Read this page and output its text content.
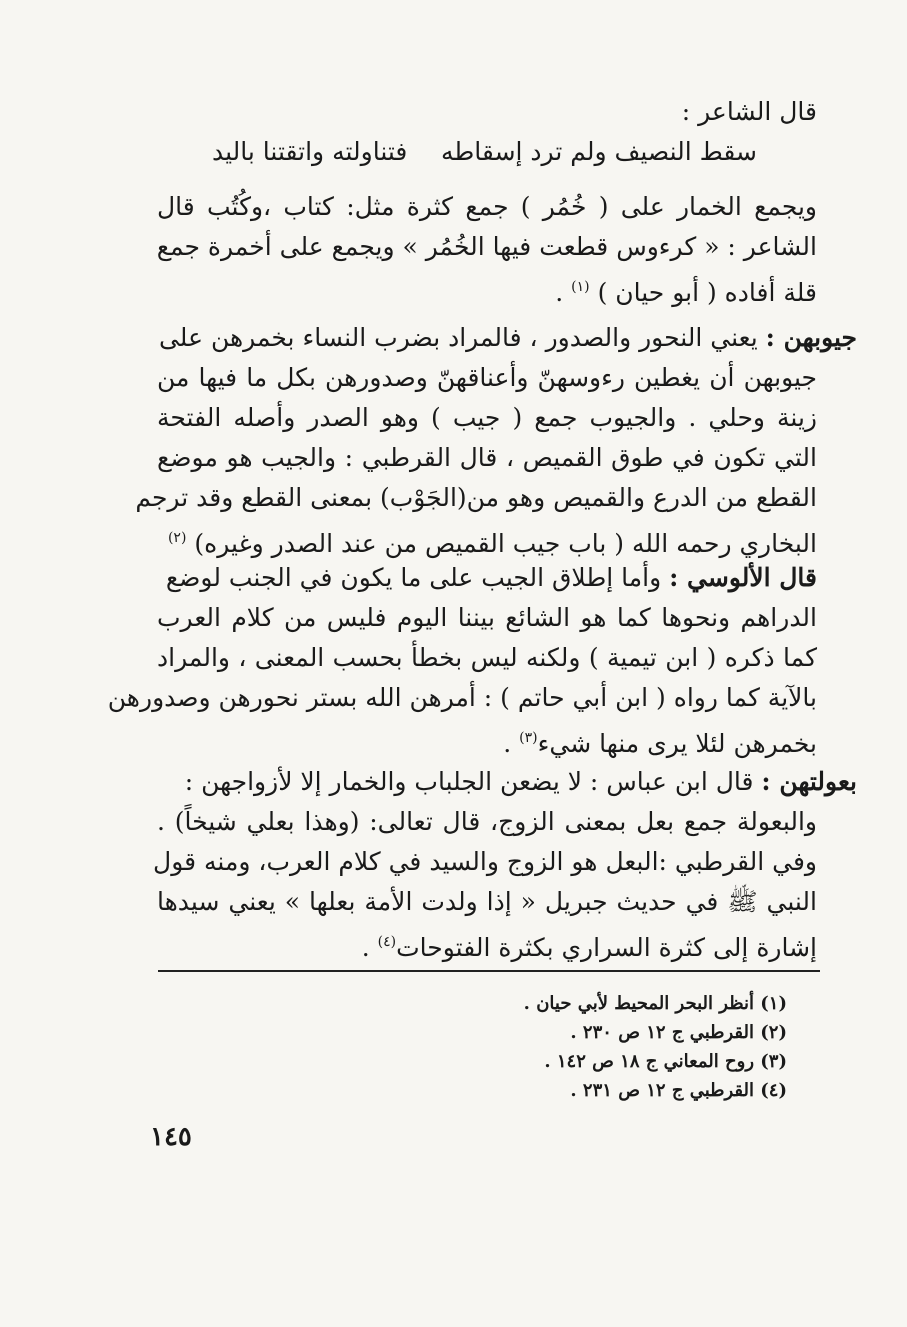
قال الشاعر :
سقط النصيف ولم ترد إسقاطه
فتناولته واتقتنا باليد
ويجمع الخمار على ( خُمُر ) جمع كثرة مثل: كتاب ،وكُتُب قال
الشاعر : « كرءوس قطعت فيها الخُمُر » ويجمع على أخمرة جمع
قلة أفاده ( أبو حيان ) $^{(١)}$ .
جيوبهن : يعني النحور والصدور ، فالمراد بضرب النساء بخمرهن على
جيوبهن أن يغطين رءوسهنّ وأعناقهنّ وصدورهن بكل ما فيها من
زينة وحلي . والجيوب جمع ( جيب ) وهو الصدر وأصله الفتحة
التي تكون في طوق القميص ، قال القرطبي : والجيب هو موضع
القطع من الدرع والقميص وهو من(الجَوْب) بمعنى القطع وقد ترجم
البخاري رحمه الله ( باب جيب القميص من عند الصدر وغيره) $^{(٢)}$
قال الألوسي : وأما إطلاق الجيب على ما يكون في الجنب لوضع
الدراهم ونحوها كما هو الشائع بيننا اليوم فليس من كلام العرب
كما ذكره ( ابن تيمية ) ولكنه ليس بخطأ بحسب المعنى ، والمراد
بالآية كما رواه ( ابن أبي حاتم ) : أمرهن الله بستر نحورهن وصدورهن
بخمرهن لئلا يرى منها شيء$^{(٣)}$ .
بعولتهن : قال ابن عباس : لا يضعن الجلباب والخمار إلا لأزواجهن :
والبعولة جمع بعل بمعنى الزوج، قال تعالى: (وهذا بعلي شيخاً) .
وفي القرطبي :البعل هو الزوج والسيد في كلام العرب، ومنه قول
النبي ﷺ في حديث جبريل « إذا ولدت الأمة بعلها » يعني سيدها
إشارة إلى كثرة السراري بكثرة الفتوحات$^{(٤)}$ .
(١) أنظر البحر المحيط لأبي حيان .
(٢) القرطبي ج ١٢ ص ٢٣٠ .
(٣) روح المعاني ج ١٨ ص ١٤٢ .
(٤) القرطبي ج ١٢ ص ٢٣١ .
١٤٥
